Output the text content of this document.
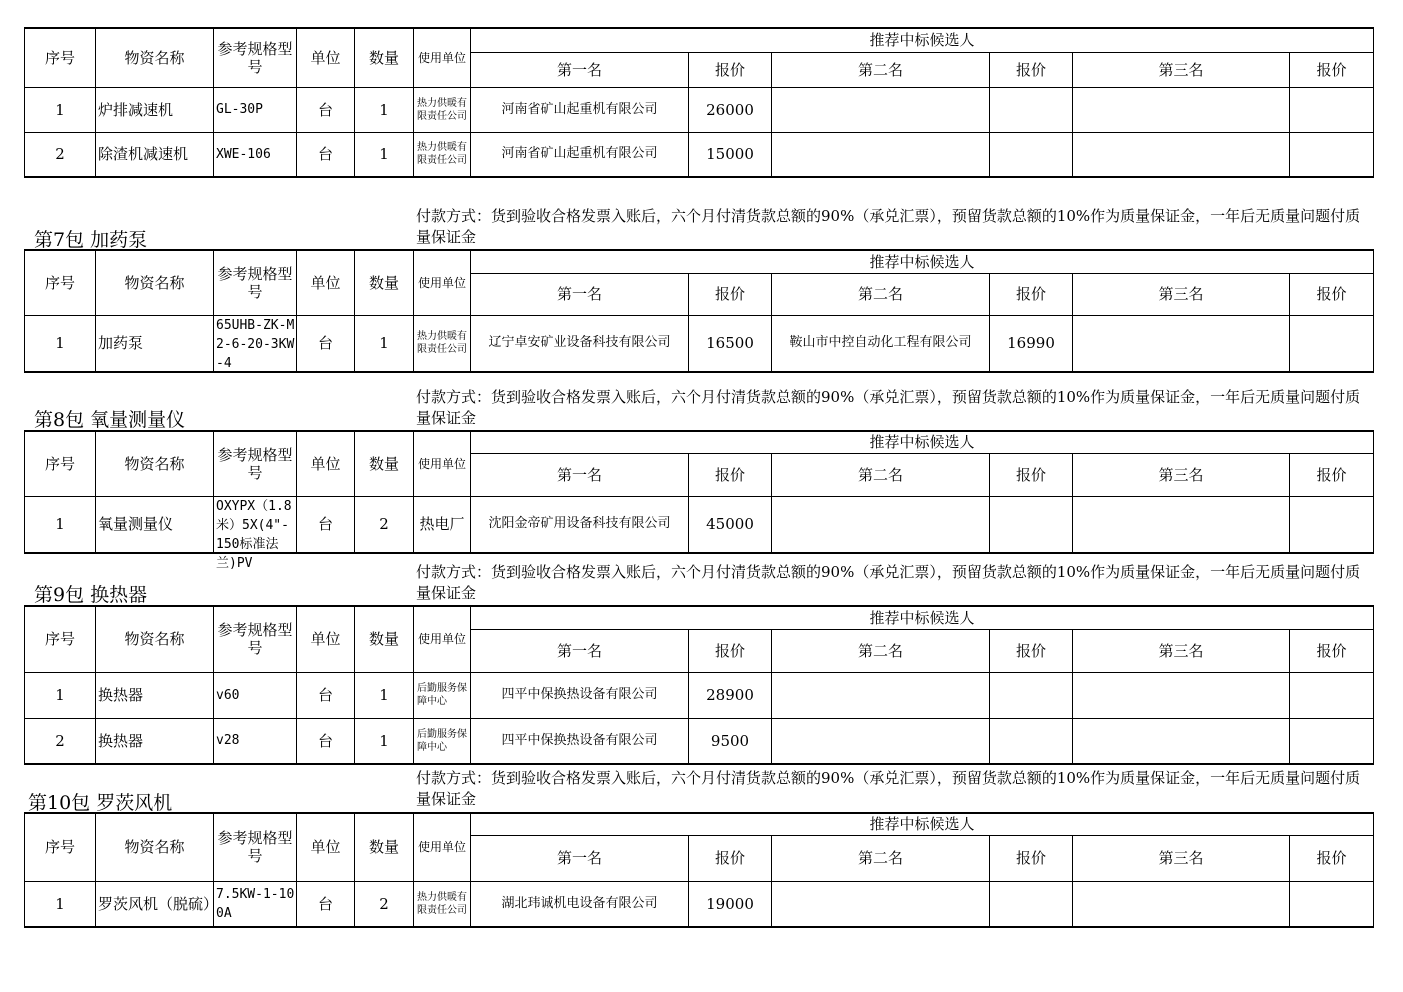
序号	物资名称	参考规格型号	单位	数量	使用单位	推荐中标候选人					
						第一名	报价	第二名	报价	第三名	报价
1	炉排减速机	GL-30P	台	1	热力供暖有限责任公司	河南省矿山起重机有限公司	26000				
2	除渣机减速机	XWE-106	台	1	热力供暖有限责任公司	河南省矿山起重机有限公司	15000				
付款方式：货到验收合格发票入账后，六个月付清货款总额的90%（承兑汇票），预留货款总额的10%作为质量保证金，一年后无质量问题付质量保证金
第7包 加药泵
序号	物资名称	参考规格型号	单位	数量	使用单位	推荐中标候选人					
						第一名	报价	第二名	报价	第三名	报价
1	加药泵	65UHB-ZK-M2-6-20-3KW-4	台	1	热力供暖有限责任公司	辽宁卓安矿业设备科技有限公司	16500	鞍山市中控自动化工程有限公司	16990		
付款方式：货到验收合格发票入账后，六个月付清货款总额的90%（承兑汇票），预留货款总额的10%作为质量保证金，一年后无质量问题付质量保证金
第8包 氧量测量仪
序号	物资名称	参考规格型号	单位	数量	使用单位	推荐中标候选人					
						第一名	报价	第二名	报价	第三名	报价
1	氧量测量仪	OXYPX（1.8米）5X(4"-150标准法兰)PV	台	2	热电厂	沈阳金帝矿用设备科技有限公司	45000				
付款方式：货到验收合格发票入账后，六个月付清货款总额的90%（承兑汇票），预留货款总额的10%作为质量保证金，一年后无质量问题付质量保证金
第9包 换热器
序号	物资名称	参考规格型号	单位	数量	使用单位	推荐中标候选人					
						第一名	报价	第二名	报价	第三名	报价
1	换热器	v60	台	1	后勤服务保障中心	四平中保换热设备有限公司	28900				
2	换热器	v28	台	1	后勤服务保障中心	四平中保换热设备有限公司	9500				
付款方式：货到验收合格发票入账后，六个月付清货款总额的90%（承兑汇票），预留货款总额的10%作为质量保证金，一年后无质量问题付质量保证金
第10包 罗茨风机
序号	物资名称	参考规格型号	单位	数量	使用单位	推荐中标候选人					
						第一名	报价	第二名	报价	第三名	报价
1	罗茨风机（脱硫）	7.5KW-1-100A	台	2	热力供暖有限责任公司	湖北玮诚机电设备有限公司	19000				
